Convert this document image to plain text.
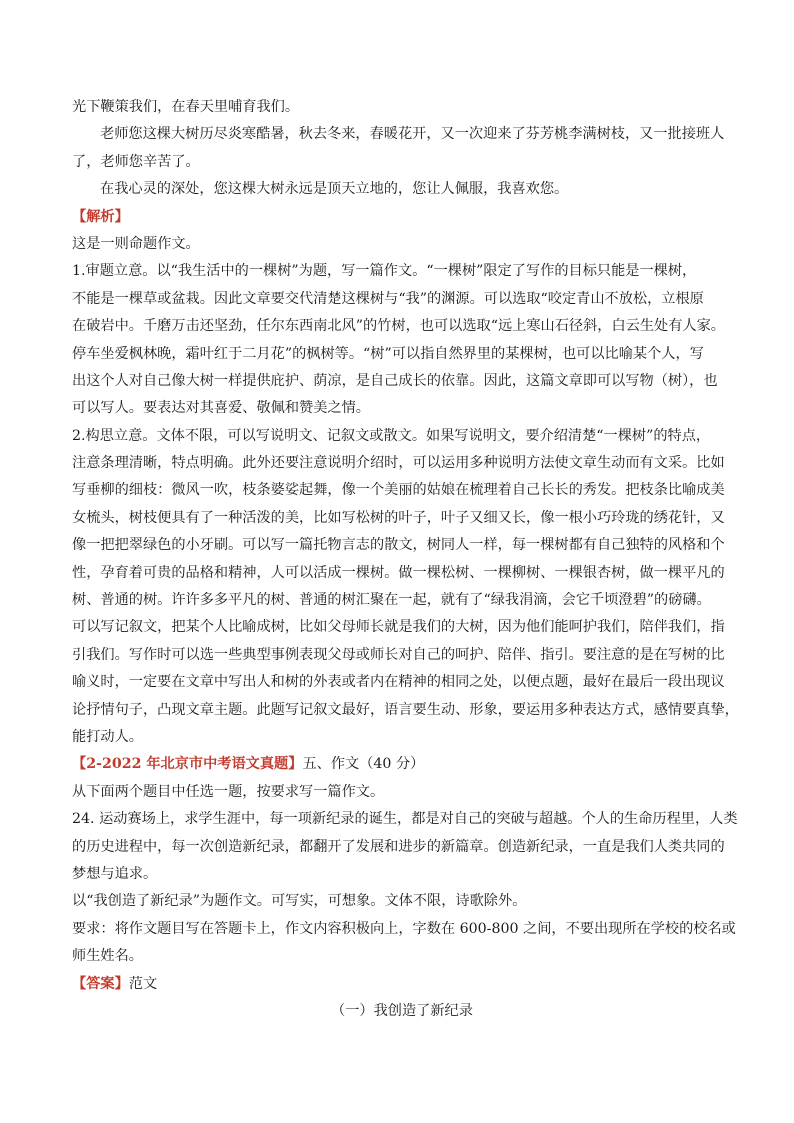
光下鞭策我们，在春天里哺育我们。
老师您这棵大树历尽炎寒酷暑，秋去冬来，春暖花开，又一次迎来了芬芳桃李满树枝，又一批接班人
了，老师您辛苦了。
在我心灵的深处，您这棵大树永远是顶天立地的，您让人佩服，我喜欢您。
【解析】
这是一则命题作文。
1.审题立意。以“我生活中的一棵树”为题，写一篇作文。“一棵树”限定了写作的目标只能是一棵树，
不能是一棵草或盆栽。因此文章要交代清楚这棵树与“我”的渊源。可以选取“咬定青山不放松，立根原
在破岩中。千磨万击还坚劲，任尔东西南北风”的竹树，也可以选取“远上寒山石径斜，白云生处有人家。
停车坐爱枫林晚，霜叶红于二月花”的枫树等。“树”可以指自然界里的某棵树，也可以比喻某个人，写
出这个人对自己像大树一样提供庇护、荫凉，是自己成长的依靠。因此，这篇文章即可以写物（树），也
可以写人。要表达对其喜爱、敬佩和赞美之情。
2.构思立意。文体不限，可以写说明文、记叙文或散文。如果写说明文，要介绍清楚“一棵树”的特点，
注意条理清晰，特点明确。此外还要注意说明介绍时，可以运用多种说明方法使文章生动而有文采。比如
写垂柳的细枝：微风一吹，枝条婆娑起舞，像一个美丽的姑娘在梳理着自己长长的秀发。把枝条比喻成美
女梳头，树枝便具有了一种活泼的美，比如写松树的叶子，叶子又细又长，像一根小巧玲珑的绣花针，又
像一把把翠绿色的小牙刷。可以写一篇托物言志的散文，树同人一样，每一棵树都有自己独特的风格和个
性，孕育着可贵的品格和精神，人可以活成一棵树。做一棵松树、一棵柳树、一棵银杏树，做一棵平凡的
树、普通的树。许许多多平凡的树、普通的树汇聚在一起，就有了“绿我涓滴，会它千顷澄碧”的磅礴。
可以写记叙文，把某个人比喻成树，比如父母师长就是我们的大树，因为他们能呵护我们，陪伴我们，指
引我们。写作时可以选一些典型事例表现父母或师长对自己的呵护、陪伴、指引。要注意的是在写树的比
喻义时，一定要在文章中写出人和树的外表或者内在精神的相同之处，以便点题，最好在最后一段出现议
论抒情句子，凸现文章主题。此题写记叙文最好，语言要生动、形象，要运用多种表达方式，感情要真挚，
能打动人。
【2-2022 年北京市中考语文真题】五、作文（40 分）
从下面两个题目中任选一题，按要求写一篇作文。
24. 运动赛场上，求学生涯中，每一项新纪录的诞生，都是对自己的突破与超越。个人的生命历程里，人类
的历史进程中，每一次创造新纪录，都翻开了发展和进步的新篇章。创造新纪录，一直是我们人类共同的
梦想与追求。
以“我创造了新纪录”为题作文。可写实，可想象。文体不限，诗歌除外。
要求：将作文题目写在答题卡上，作文内容积极向上，字数在 600-800 之间，不要出现所在学校的校名或
师生姓名。
【答案】范文
（一）我创造了新纪录
